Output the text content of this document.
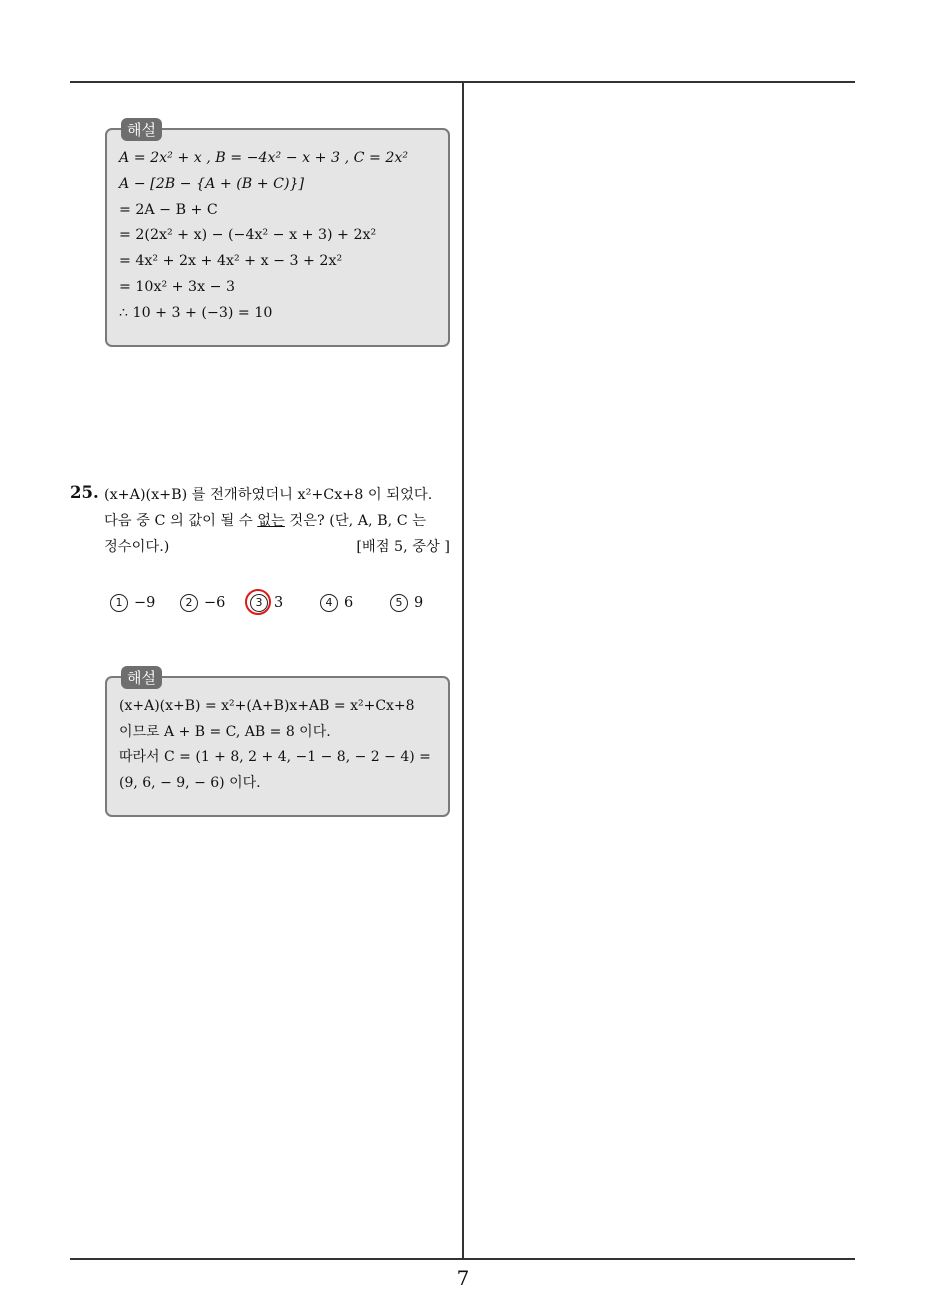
해설
A = 2x² + x , B = −4x² − x + 3 , C = 2x²
A − [2B − {A + (B + C)}]
= 2A − B + C
= 2(2x² + x) − (−4x² − x + 3) + 2x²
= 4x² + 2x + 4x² + x − 3 + 2x²
= 10x² + 3x − 3
∴ 10 + 3 + (−3) = 10
25. (x+A)(x+B) 를 전개하였더니 x²+Cx+8 이 되었다.
다음 중 C 의 값이 될 수 없는 것은? (단, A, B, C 는
정수이다.)	[배점 5, 중상 ]
1 −9	2 −6	3 3	4 6	5 9
해설
(x+A)(x+B) = x²+(A+B)x+AB = x²+Cx+8
이므로 A + B = C, AB = 8 이다.
따라서 C = (1 + 8, 2 + 4, −1 − 8, − 2 − 4) =
(9, 6, − 9, − 6) 이다.
7
